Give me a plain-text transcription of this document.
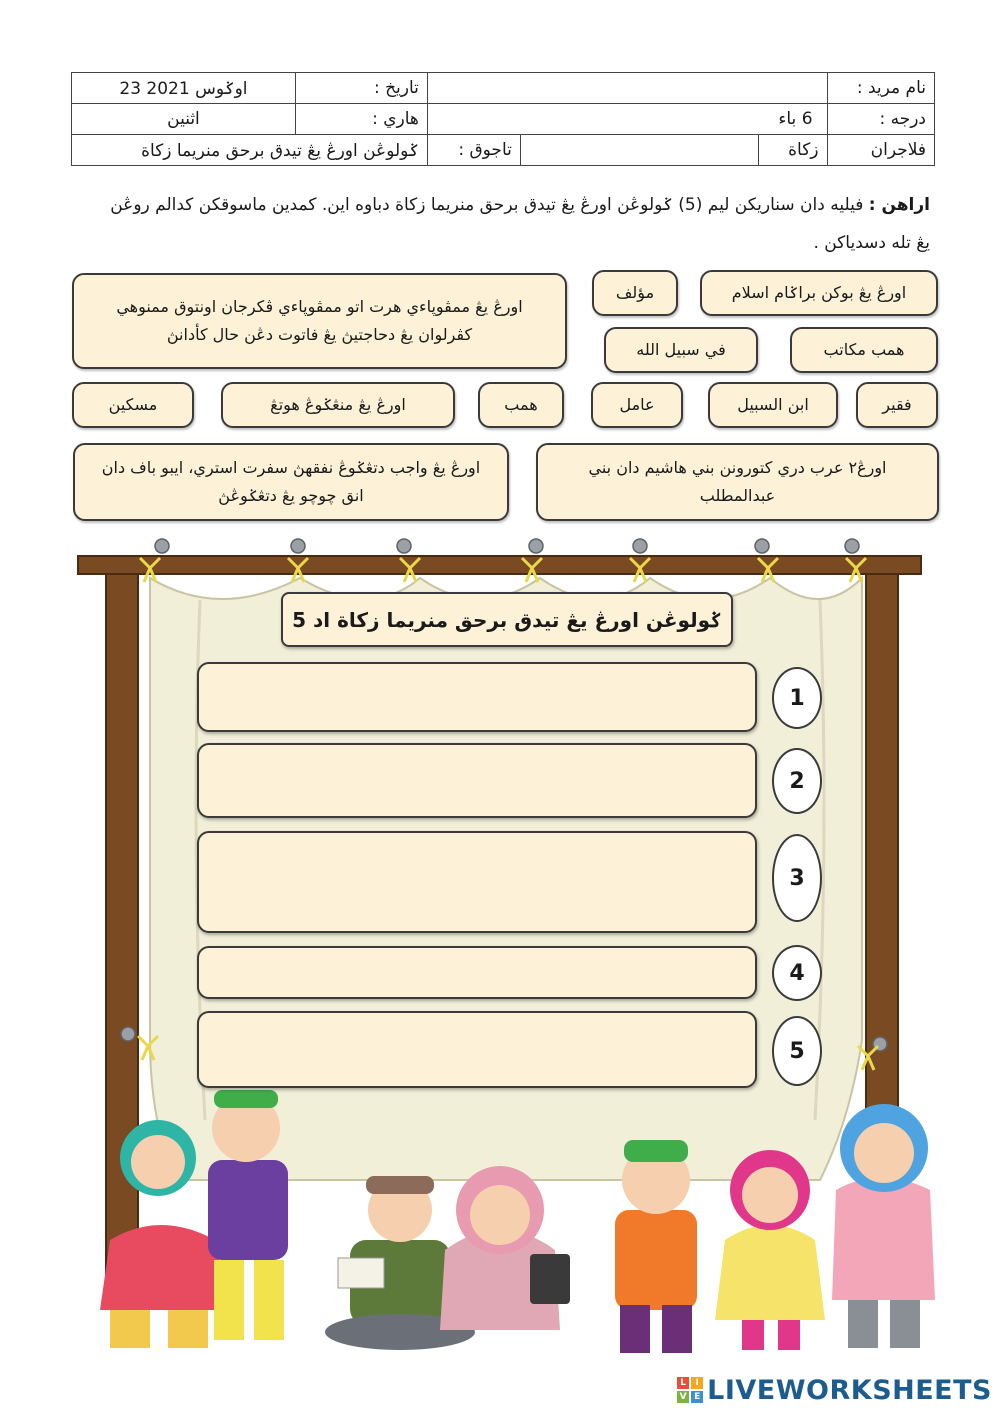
23 اوݢوس 2021	تاريخ :				نام مريد :
اثنين	هاري :	6 باء			درجه :
ݢولوڠن اورڠ يڠ تيدق برحق منريما زكاة		تاجوق :		زكاة	فلاجران
اراهن : فيليه دان سناريكن ليم (5) ݢولوڠن اورڠ يڠ تيدق برحق منريما زكاة دباوه اين. كمدين ماسوقكن كدالم روڠن يڠ تله دسدياكن .
اورڠ يڠ بوكن براݢام اسلام
مؤلف
اورڠ يڠ ممڤوڽاءي هرت اتو ممڤوڽاءي ڤكرجان اونتوق ممنوهي كڤرلوان يڠ دحاجتيڽ يڠ فاتوت دڠن حال كأدانڽ
همب مكاتب
في سبيل الله
فقير
ابن السبيل
عامل
همب
اورڠ يڠ منڠݢوڠ هوتڠ
مسكين
اورڠ٢ عرب دري كتورونن بني هاشيم دان بني عبدالمطلب
اورڠ يڠ واجب دتڠݢوڠ نفقهڽ سفرت استري، ايبو باف دان انق چوچو يڠ دتڠݢوڠڽ
ݢولوڠن اورڠ يڠ تيدق برحق منريما زكاة اد 5
1
2
3
4
5
L	I
V E LIVEWORKSHEETS
